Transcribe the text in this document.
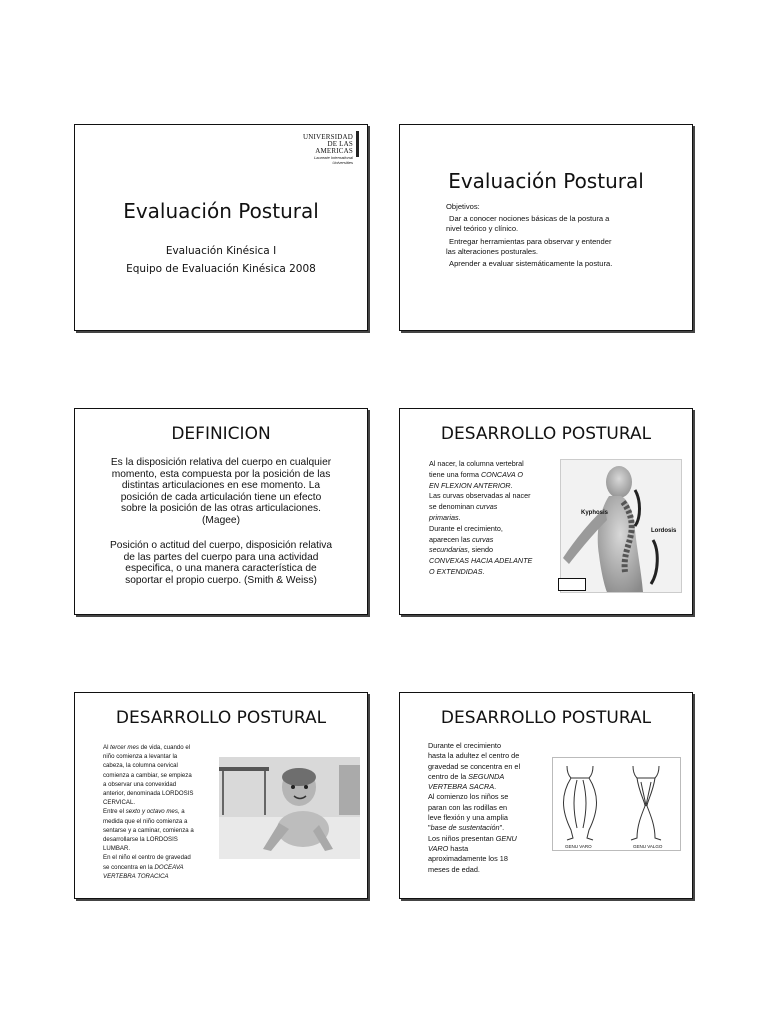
UNIVERSIDAD
DE LAS AMERICAS
Laureate International Universities
Evaluación Postural
Evaluación Kinésica I
Equipo de Evaluación Kinésica 2008
Evaluación Postural
Objetivos:
Dar a conocer nociones básicas de la postura a
nivel teórico y clínico.
Entregar herramientas para observar y entender
las alteraciones posturales.
Aprender a evaluar sistemáticamente la postura.
DEFINICION

Es la disposición relativa del cuerpo en cualquier

momento, esta compuesta por la posición de las

distintas articulaciones en ese momento. La

posición de cada articulación tiene un efecto

sobre la posición de las otras articulaciones.

(Magee)

Posición o actitud del cuerpo, disposición relativa

de las partes del cuerpo para una actividad

especifica, o una manera característica de

soportar el propio cuerpo. (Smith & Weiss)

DESARROLLO POSTURAL
Al nacer, la columna vertebral
tiene una forma CONCAVA O
EN FLEXION ANTERIOR.
Las curvas observadas al nacer
se denominan curvas
primarias.
Durante el crecimiento,
aparecen las curvas
secundarias, siendo
CONVEXAS HACIA ADELANTE
O EXTENDIDAS.
Kyphosis
Lordosis
DESARROLLO POSTURAL
Al tercer mes de vida, cuando el
niño comienza a levantar la
cabeza, la columna cervical
comienza a cambiar, se empieza
a observar una convexidad
anterior, denominada LORDOSIS
CERVICAL.
Entre el sexto y octavo mes, a
medida que el niño comienza a
sentarse y a caminar, comienza a
desarrollarse la LORDOSIS
LUMBAR.
En el niño el centro de gravedad
se concentra en la DOCEAVA
VERTEBRA TORACICA
DESARROLLO POSTURAL
Durante el crecimiento
hasta la adultez el centro de
gravedad se concentra en el
centro de la SEGUNDA
VERTEBRA SACRA.
Al comienzo los niños se
paran con las rodillas en
leve flexión y una amplia
"base de sustentación".
Los niños presentan GENU
VARO hasta
aproximadamente los 18
meses de edad.
GENU VARO	GENU VALGO
